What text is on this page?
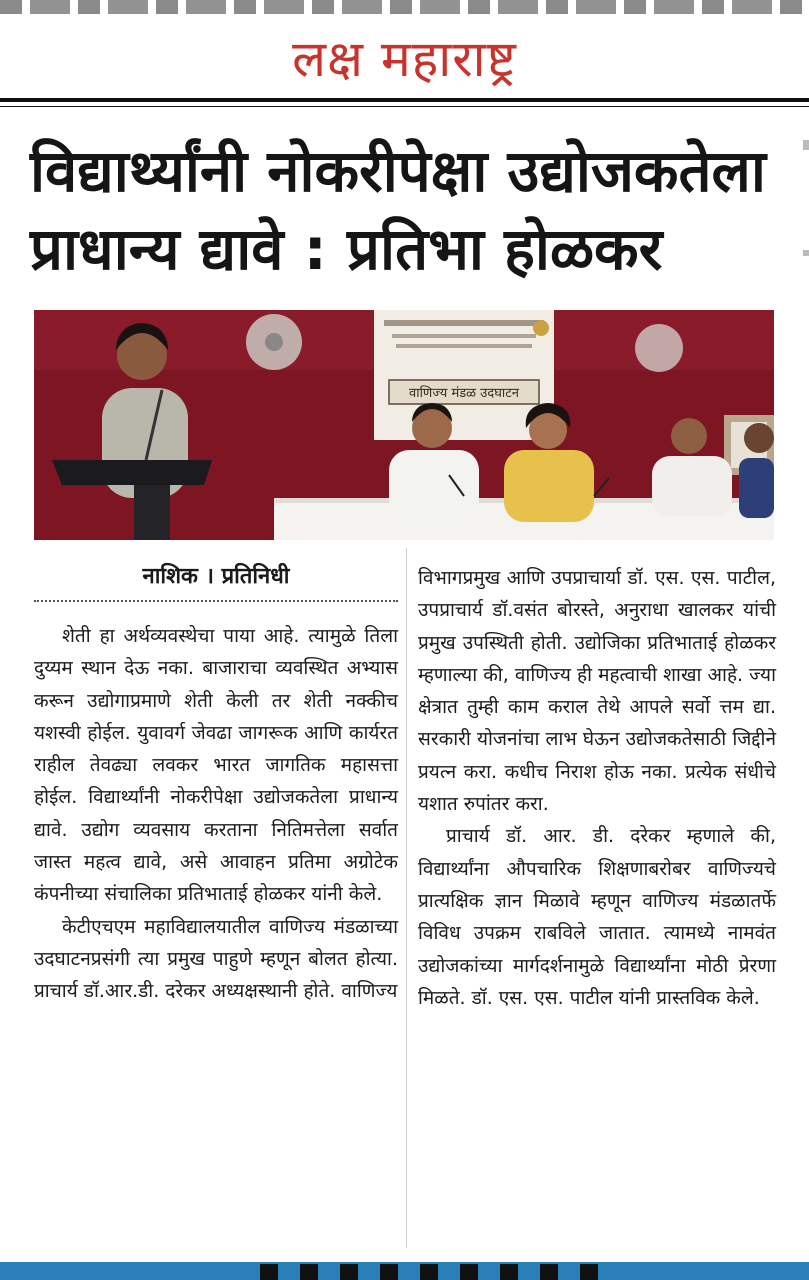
लक्ष महाराष्ट्र
विद्यार्थ्यांनी नोकरीपेक्षा उद्योजकतेला
प्राधान्य द्यावे : प्रतिभा होळकर
वाणिज्य मंडळ उदघाटन
नाशिक । प्रतिनिधी

शेती हा अर्थव्यवस्थेचा पाया आहे. त्यामुळे तिला दुय्यम स्थान देऊ नका. बाजाराचा व्यवस्थित अभ्यास करून उद्योगाप्रमाणे शेती केली तर शेती नक्कीच यशस्वी होईल. युवावर्ग जेवढा जागरूक आणि कार्यरत राहील तेवढ्या लवकर भारत जागतिक महासत्ता होईल. विद्यार्थ्यांनी नोकरीपेक्षा उद्योजकतेला प्राधान्य द्यावे. उद्योग व्यवसाय करताना नितिमत्तेला सर्वात जास्त महत्व द्यावे, असे आवाहन प्रतिमा अग्रोटेक कंपनीच्या संचालिका प्रतिभाताई होळकर यांनी केले.

केटीएचएम महाविद्यालयातील वाणिज्य मंडळाच्या उदघाटनप्रसंगी त्या प्रमुख पाहुणे म्हणून बोलत होत्या. प्राचार्य डॉ.आर.डी. दरेकर अध्यक्षस्थानी होते. वाणिज्य

विभागप्रमुख आणि उपप्राचार्या डॉ. एस. एस. पाटील, उपप्राचार्य डॉ.वसंत बोरस्ते, अनुराधा खालकर यांची प्रमुख उपस्थिती होती. उद्योजिका प्रतिभाताई होळकर म्हणाल्या की, वाणिज्य ही महत्वाची शाखा आहे. ज्या क्षेत्रात तुम्ही काम कराल तेथे आपले सर्वो त्तम द्या. सरकारी योजनांचा लाभ घेऊन उद्योजकतेसाठी जिद्दीने प्रयत्न करा. कधीच निराश होऊ नका. प्रत्येक संधीचे यशात रुपांतर करा.

प्राचार्य डॉ. आर. डी. दरेकर म्हणाले की, विद्यार्थ्यांना औपचारिक शिक्षणाबरोबर वाणिज्यचे प्रात्यक्षिक ज्ञान मिळावे म्हणून वाणिज्य मंडळातर्फे विविध उपक्रम राबविले जातात. त्यामध्ये नामवंत उद्योजकांच्या मार्गदर्शनामुळे विद्यार्थ्यांना मोठी प्रेरणा मिळते. डॉ. एस. एस. पाटील यांनी प्रास्तविक केले.
